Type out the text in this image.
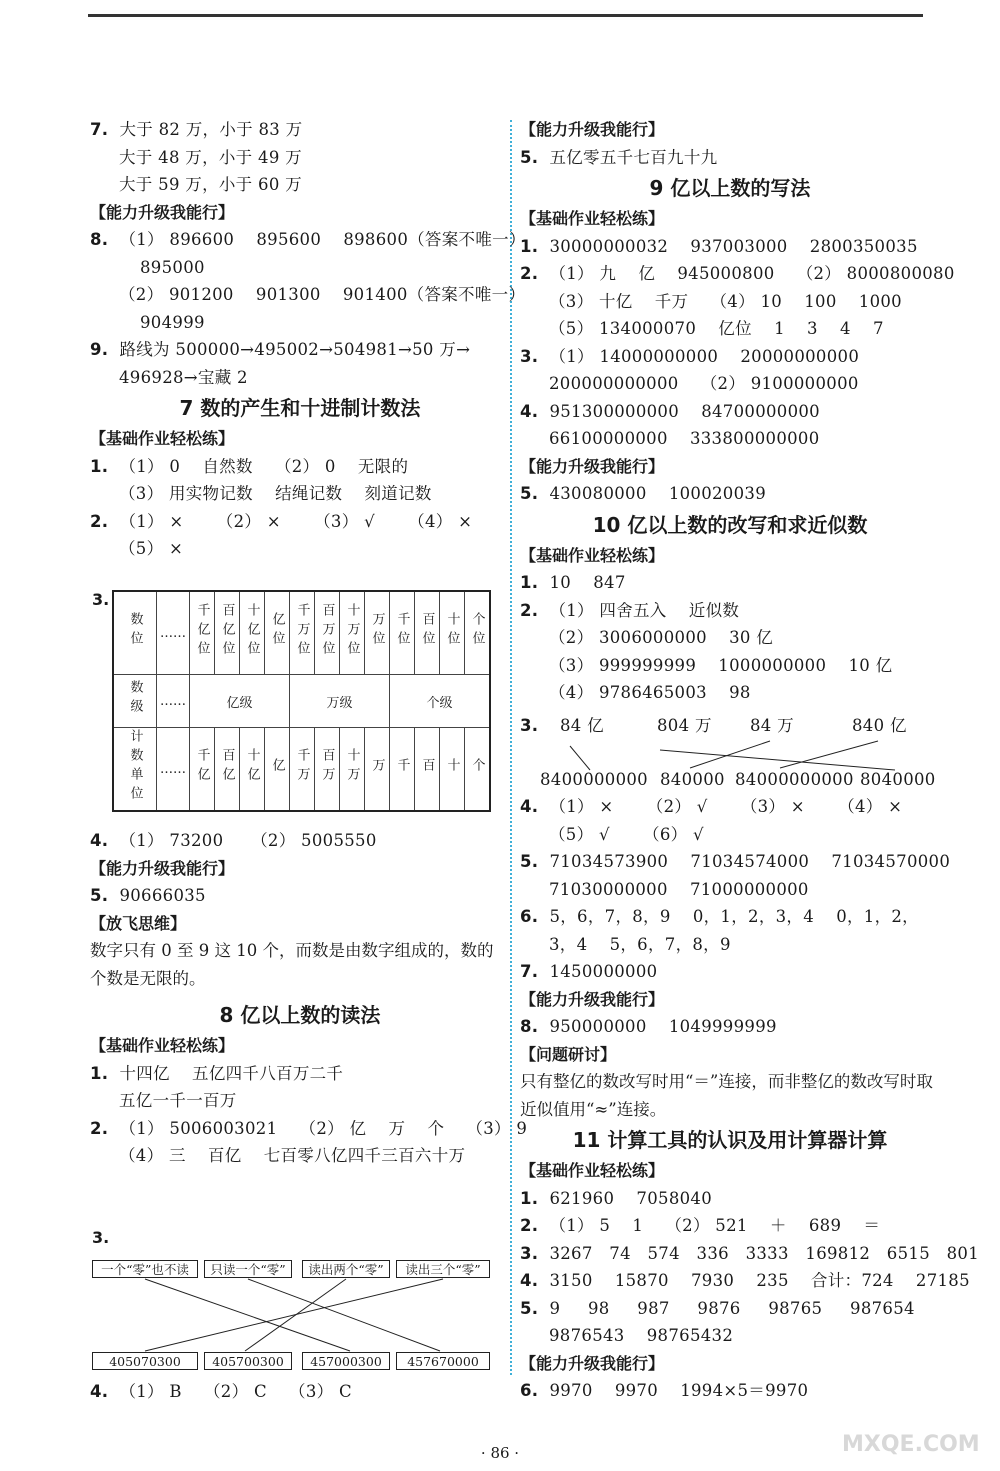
7. 大于 82 万，小于 83 万
大于 48 万，小于 49 万
大于 59 万，小于 60 万
【能力升级我能行】
8. （1） 896600    895600    898600（答案不唯一）
895000
（2） 901200    901300    901400（答案不唯一）
904999
9. 路线为 500000→495002→504981→50 万→
496928→宝藏 2
7 数的产生和十进制计数法
【基础作业轻松练】
1. （1） 0    自然数    （2） 0    无限的
（3） 用实物记数    结绳记数    刻道记数
2. （1） ×      （2） ×      （3） √      （4） ×
（5） ×
3.
数位	……	千亿位	百亿位	十亿位	亿位	千万位	百万位	十万位	万位	千位	百位	十位	个位
数级	……	亿级				万级				个级			
计数单位	……	千亿	百亿	十亿	亿	千万	百万	十万	万	千	百	十	个
4. （1） 73200     （2） 5005550
【能力升级我能行】
5. 90666035
【放飞思维】
数字只有 0 至 9 这 10 个，而数是由数字组成的，数的个数是无限的。
8 亿以上数的读法
【基础作业轻松练】
1. 十四亿    五亿四千八百万二千
五亿一千一百万
2. （1） 5006003021    （2） 亿    万    个    （3） 9
（4） 三    百亿    七百零八亿四千三百六十万
3.
一个“零”也不读	只读一个“零”	读出两个“零”	读出三个“零”
405070300	405700300	457000300	457670000
4. （1） B    （2） C    （3） C
【能力升级我能行】
5. 五亿零五千七百九十九
9 亿以上数的写法
【基础作业轻松练】
1. 30000000032    937003000    2800350035
2. （1） 九    亿    945000800    （2） 8000800080
（3） 十亿    千万    （4） 10    100    1000
（5） 134000070    亿位    1    3    4    7
3. （1） 14000000000    20000000000
200000000000    （2） 9100000000
4. 951300000000    84700000000
66100000000    333800000000
【能力升级我能行】
5. 430080000    100020039
10 亿以上数的改写和求近似数
【基础作业轻松练】
1. 10    847
2. （1） 四舍五入    近似数
（2） 3006000000    30 亿
（3） 999999999    1000000000    10 亿
（4） 9786465003    98
3. 84 亿	804 万 84 万	840 亿
8400000000 840000 84000000000 8040000
4. （1） ×      （2） √      （3） ×      （4） ×
（5） √      （6） √
5. 71034573900    71034574000    71034570000
71030000000    71000000000
6. 5，6，7，8，9    0，1，2，3，4    0，1，2，
3，4    5，6，7，8，9
7. 1450000000
【能力升级我能行】
8. 950000000    1049999999
【问题研讨】
只有整亿的数改写时用“＝”连接，而非整亿的数改写时取近似值用“≈”连接。
11 计算工具的认识及用计算器计算
【基础作业轻松练】
1. 621960    7058040
2. （1） 5    1    （2） 521    ＋    689    ＝
3. 3267   74   574   336   3333   169812   6515   801
4. 3150    15870    7930    235    合计：724    27185
5. 9     98     987     9876     98765     987654
9876543    98765432
【能力升级我能行】
6. 9970    9970    1994×5＝9970
· 86 ·	MXQE.COM
